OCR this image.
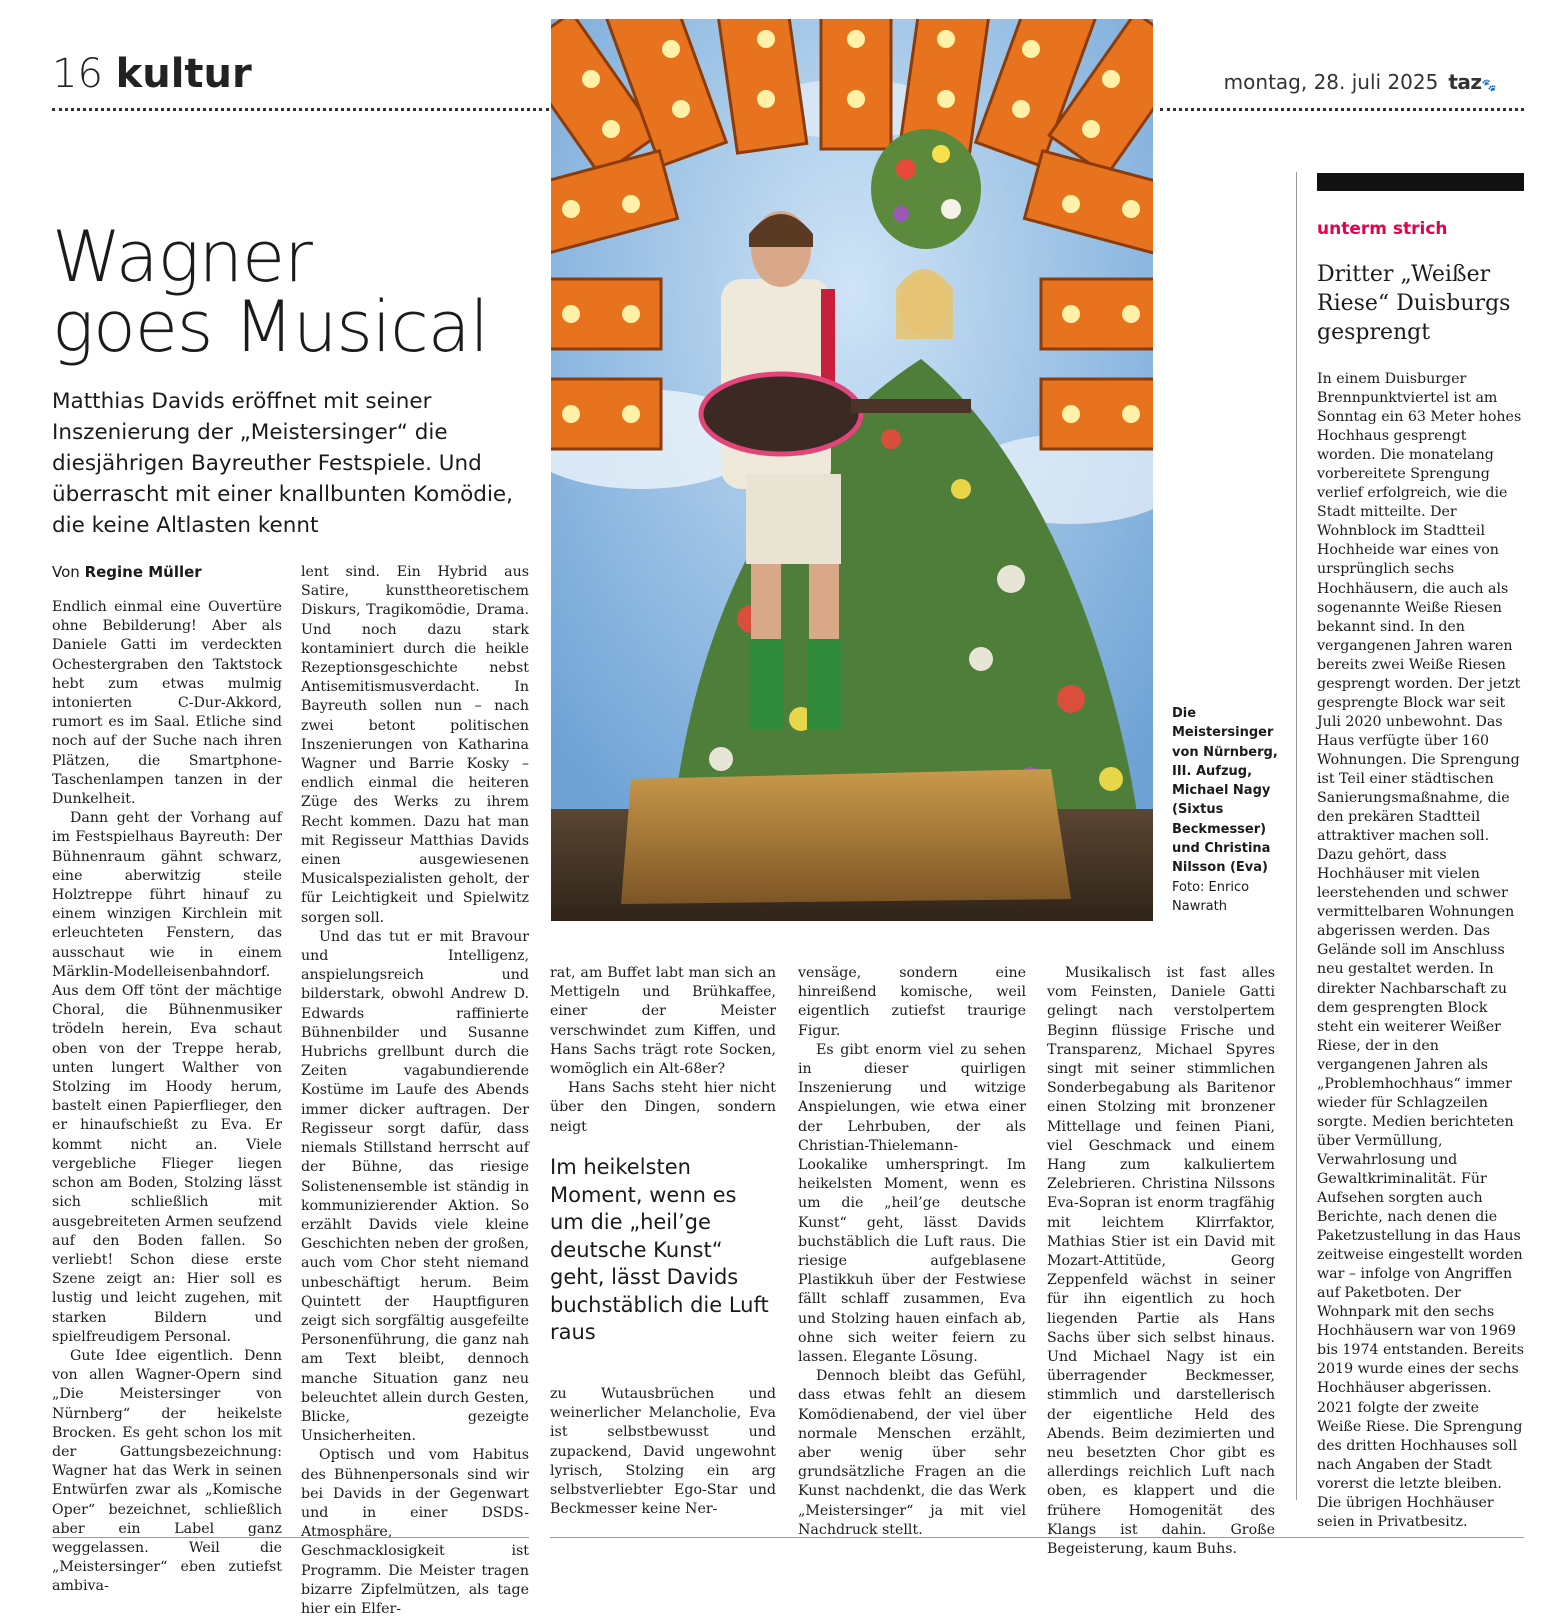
16 kultur	montag, 28. juli 2025 taz🐾
Wagner
goes Musical
Matthias Davids eröffnet mit seiner Inszenierung der „Meistersinger“ die diesjährigen Bayreuther Festspiele. Und überrascht mit einer knallbunten Komödie, die keine Altlasten kennt
Von Regine Müller

Endlich einmal eine Ouvertüre ohne Bebilderung! Aber als Daniele Gatti im verdeckten Ochestergraben den Taktstock hebt zum etwas mulmig intonierten C-Dur-Akkord, rumort es im Saal. Etliche sind noch auf der Suche nach ihren Plätzen, die Smartphone-Taschenlampen tanzen in der Dunkelheit.

Dann geht der Vorhang auf im Festspielhaus Bayreuth: Der Bühnenraum gähnt schwarz, eine aberwitzig steile Holztreppe führt hinauf zu einem winzigen Kirchlein mit erleuchteten Fenstern, das ausschaut wie in einem Märklin-Modelleisenbahndorf. Aus dem Off tönt der mächtige Choral, die Bühnenmusiker trödeln herein, Eva schaut oben von der Treppe herab, unten lungert Walther von Stolzing im Hoody herum, bastelt einen Papierflieger, den er hinaufschießt zu Eva. Er kommt nicht an. Viele vergebliche Flieger liegen schon am Boden, Stolzing lässt sich schließlich mit ausgebreiteten Armen seufzend auf den Boden fallen. So verliebt! Schon diese erste Szene zeigt an: Hier soll es lustig und leicht zugehen, mit starken Bildern und spielfreudigem Personal.

Gute Idee eigentlich. Denn von allen Wagner-Opern sind „Die Meistersinger von Nürnberg“ der heikelste Brocken. Es geht schon los mit der Gattungsbezeichnung: Wagner hat das Werk in seinen Entwürfen zwar als „Komische Oper“ bezeichnet, schließlich aber ein Label ganz weggelassen. Weil die „Meistersinger“ eben zutiefst ambiva-

lent sind. Ein Hybrid aus Satire, kunsttheoretischem Diskurs, Tragikomödie, Drama. Und noch dazu stark kontaminiert durch die heikle Rezeptionsgeschichte nebst Antisemitismusverdacht. In Bayreuth sollen nun – nach zwei betont politischen Inszenierungen von Katharina Wagner und Barrie Kosky – endlich einmal die heiteren Züge des Werks zu ihrem Recht kommen. Dazu hat man mit Regisseur Matthias Davids einen ausgewiesenen Musicalspezialisten geholt, der für Leichtigkeit und Spielwitz sorgen soll.

Und das tut er mit Bravour und Intelligenz, anspielungsreich und bilderstark, obwohl Andrew D. Edwards raffinierte Bühnenbilder und Susanne Hubrichs grellbunt durch die Zeiten vagabundierende Kostüme im Laufe des Abends immer dicker auftragen. Der Regisseur sorgt dafür, dass niemals Stillstand herrscht auf der Bühne, das riesige Solistenensemble ist ständig in kommunizierender Aktion. So erzählt Davids viele kleine Geschichten neben der großen, auch vom Chor steht niemand unbeschäftigt herum. Beim Quintett der Hauptfiguren zeigt sich sorgfältig ausgefeilte Personenführung, die ganz nah am Text bleibt, dennoch manche Situation ganz neu beleuchtet allein durch Gesten, Blicke, gezeigte Unsicherheiten.

Optisch und vom Habitus des Bühnenpersonals sind wir bei Davids in der Gegenwart und in einer DSDS-Atmosphäre, Geschmacklosigkeit ist Programm. Die Meister tragen bizarre Zipfelmützen, als tage hier ein Elfer-

Die Meistersinger von Nürnberg, III. Aufzug, Michael Nagy (Sixtus Beckmesser) und Christina Nilsson (Eva) Foto: Enrico Nawrath

rat, am Buffet labt man sich an Mettigeln und Brühkaffee, einer der Meister verschwindet zum Kiffen, und Hans Sachs trägt rote Socken, womöglich ein Alt-68er?

Hans Sachs steht hier nicht über den Dingen, sondern neigt

Im heikelsten Moment, wenn es um die „heil’ge deutsche Kunst“ geht, lässt Davids buchstäblich die Luft raus

zu Wutausbrüchen und weinerlicher Melancholie, Eva ist selbstbewusst und zupackend, David ungewohnt lyrisch, Stolzing ein arg selbstverliebter Ego-Star und Beckmesser keine Ner-

vensäge, sondern eine hinreißend komische, weil eigentlich zutiefst traurige Figur.

Es gibt enorm viel zu sehen in dieser quirligen Inszenierung und witzige Anspielungen, wie etwa einer der Lehrbuben, der als Christian-Thielemann-Lookalike umherspringt. Im heikelsten Moment, wenn es um die „heil’ge deutsche Kunst“ geht, lässt Davids buchstäblich die Luft raus. Die riesige aufgeblasene Plastikkuh über der Festwiese fällt schlaff zusammen, Eva und Stolzing hauen einfach ab, ohne sich weiter feiern zu lassen. Elegante Lösung.

Dennoch bleibt das Gefühl, dass etwas fehlt an diesem Komödienabend, der viel über normale Menschen erzählt, aber wenig über sehr grundsätzliche Fragen an die Kunst nachdenkt, die das Werk „Meistersinger“ ja mit viel Nachdruck stellt.

Musikalisch ist fast alles vom Feinsten, Daniele Gatti gelingt nach verstolpertem Beginn flüssige Frische und Transparenz, Michael Spyres singt mit seiner stimmlichen Sonderbegabung als Baritenor einen Stolzing mit bronzener Mittellage und feinen Piani, viel Geschmack und einem Hang zum kalkuliertem Zelebrieren. Christina Nilssons Eva-Sopran ist enorm tragfähig mit leichtem Klirrfaktor, Mathias Stier ist ein David mit Mozart-Attitüde, Georg Zeppenfeld wächst in seiner für ihn eigentlich zu hoch liegenden Partie als Hans Sachs über sich selbst hinaus. Und Michael Nagy ist ein überragender Beckmesser, stimmlich und darstellerisch der eigentliche Held des Abends. Beim dezimierten und neu besetzten Chor gibt es allerdings reichlich Luft nach oben, es klappert und die frühere Homogenität des Klangs ist dahin. Große Begeisterung, kaum Buhs.

unterm strich
Dritter „Weißer Riese“ Duisburgs gesprengt
In einem Duisburger Brennpunktviertel ist am Sonntag ein 63 Meter hohes Hochhaus gesprengt worden. Die monatelang vorbereitete Sprengung verlief erfolgreich, wie die Stadt mitteilte. Der Wohnblock im Stadtteil Hochheide war eines von ursprünglich sechs Hochhäusern, die auch als sogenannte Weiße Riesen bekannt sind. In den vergangenen Jahren waren bereits zwei Weiße Riesen gesprengt worden. Der jetzt gesprengte Block war seit Juli 2020 unbewohnt. Das Haus verfügte über 160 Wohnungen. Die Sprengung ist Teil einer städtischen Sanierungsmaßnahme, die den prekären Stadtteil attraktiver machen soll. Dazu gehört, dass Hochhäuser mit vielen leerstehenden und schwer vermittelbaren Wohnungen abgerissen werden. Das Gelände soll im Anschluss neu gestaltet werden. In direkter Nachbarschaft zu dem gesprengten Block steht ein weiterer Weißer Riese, der in den vergangenen Jahren als „Problemhochhaus“ immer wieder für Schlagzeilen sorgte. Medien berichteten über Vermüllung, Verwahrlosung und Gewaltkriminalität. Für Aufsehen sorgten auch Berichte, nach denen die Paketzustellung in das Haus zeitweise eingestellt worden war – infolge von Angriffen auf Paketboten. Der Wohnpark mit den sechs Hochhäusern war von 1969 bis 1974 entstanden. Bereits 2019 wurde eines der sechs Hochhäuser abgerissen. 2021 folgte der zweite Weiße Riese. Die Sprengung des dritten Hochhauses soll nach Angaben der Stadt vorerst die letzte bleiben. Die übrigen Hochhäuser seien in Privatbesitz.
